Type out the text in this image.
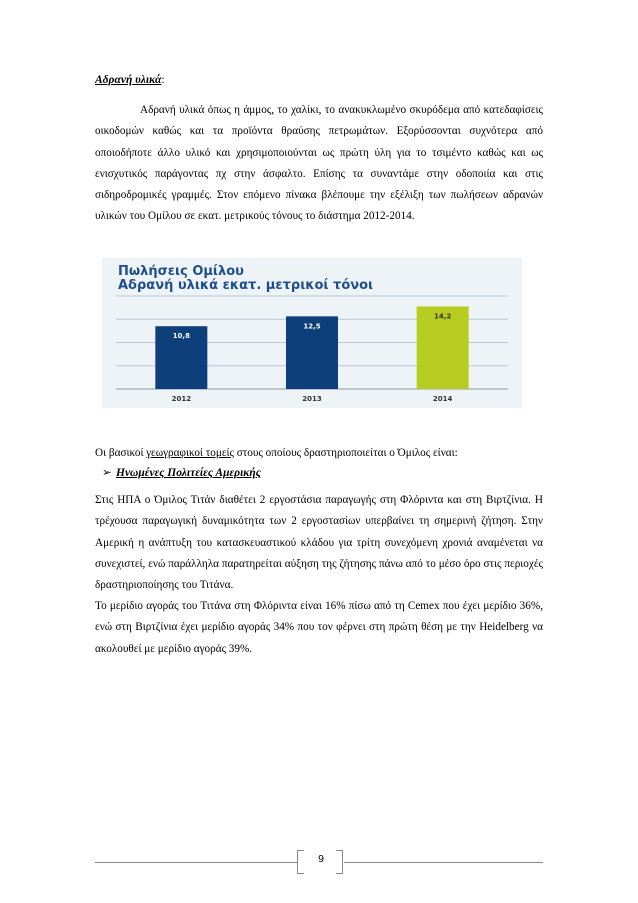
Αδρανή υλικά:

Αδρανή υλικά όπως η άμμος, το χαλίκι, το ανακυκλωμένο σκυρόδεμα από κατεδαφίσεις οικοδομών καθώς και τα προϊόντα θραύσης πετρωμάτων. Εξορύσσονται συχνότερα από οποιοδήποτε άλλο υλικό και χρησιμοποιούνται ως πρώτη ύλη για το τσιμέντο καθώς και ως ενισχυτικός παράγοντας πχ στην άσφαλτο. Επίσης τα συναντάμε στην οδοποιία και στις σιδηροδρομικές γραμμές. Στον επόμενο πίνακα βλέπουμε την εξέλιξη των πωλήσεων αδρανών υλικών του Ομίλου σε εκατ. μετρικούς τόνους το διάστημα 2012-2014.

10,8
2012
12,5
2013
14,2
2014
Πωλήσεις Ομίλου
Αδρανή υλικά εκατ. μετρικοί τόνοι

Οι βασικοί γεωγραφικοί τομείς στους οποίους δραστηριοποιείται ο Όμιλος είναι:

➢ Ηνωμένες Πολιτείες Αμερικής

Στις ΗΠΑ ο Όμιλος Τιτάν διαθέτει 2 εργοστάσια παραγωγής στη Φλόριντα και στη Βιρτζίνια. Η τρέχουσα παραγωγική δυναμικότητα των 2 εργοστασίων υπερβαίνει τη σημερινή ζήτηση. Στην Αμερική η ανάπτυξη του κατασκευαστικού κλάδου για τρίτη συνεχόμενη χρονιά αναμένεται να συνεχιστεί, ενώ παράλληλα παρατηρείται αύξηση της ζήτησης πάνω από το μέσο όρο στις περιοχές δραστηριοποίησης του Τιτάνα.

Το μερίδιο αγοράς του Τιτάνα στη Φλόριντα είναι 16% πίσω από τη Cemex που έχει μερίδιο 36%, ενώ στη Βιρτζίνια έχει μερίδιο αγοράς 34% που τον φέρνει στη πρώτη θέση με την Heidelberg να ακολουθεί με μερίδιο αγοράς 39%.

9
